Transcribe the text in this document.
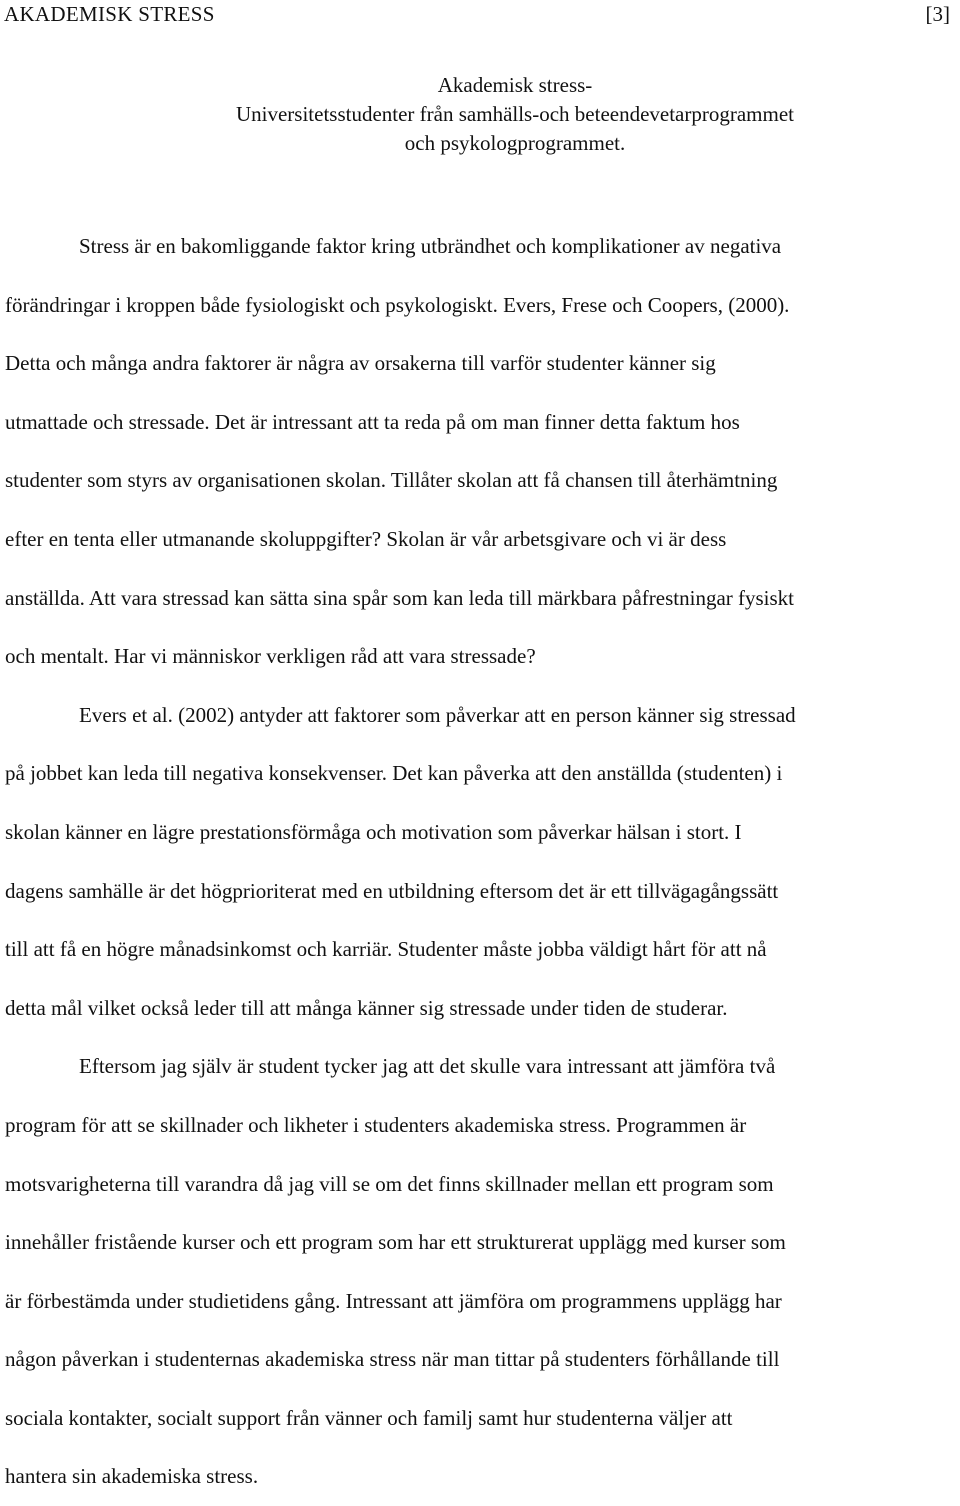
AKADEMISK STRESS	[3]
Akademisk stress-
Universitetsstudenter från samhälls-och beteendevetarprogrammet
och psykologprogrammet.
Stress är en bakomliggande faktor kring utbrändhet och komplikationer av negativa
förändringar i kroppen både fysiologiskt och psykologiskt. Evers, Frese och Coopers, (2000).
Detta och många andra faktorer är några av orsakerna till varför studenter känner sig
utmattade och stressade. Det är intressant att ta reda på om man finner detta faktum hos
studenter som styrs av organisationen skolan. Tillåter skolan att få chansen till återhämtning
efter en tenta eller utmanande skoluppgifter? Skolan är vår arbetsgivare och vi är dess
anställda. Att vara stressad kan sätta sina spår som kan leda till märkbara påfrestningar fysiskt
och mentalt. Har vi människor verkligen råd att vara stressade?
Evers et al. (2002) antyder att faktorer som påverkar att en person känner sig stressad
på jobbet kan leda till negativa konsekvenser. Det kan påverka att den anställda (studenten) i
skolan känner en lägre prestationsförmåga och motivation som påverkar hälsan i stort. I
dagens samhälle är det högprioriterat med en utbildning eftersom det är ett tillvägagångssätt
till att få en högre månadsinkomst och karriär. Studenter måste jobba väldigt hårt för att nå
detta mål vilket också leder till att många känner sig stressade under tiden de studerar.
Eftersom jag själv är student tycker jag att det skulle vara intressant att jämföra två
program för att se skillnader och likheter i studenters akademiska stress. Programmen är
motsvarigheterna till varandra då jag vill se om det finns skillnader mellan ett program som
innehåller fristående kurser och ett program som har ett strukturerat upplägg med kurser som
är förbestämda under studietidens gång. Intressant att jämföra om programmens upplägg har
någon påverkan i studenternas akademiska stress när man tittar på studenters förhållande till
sociala kontakter, socialt support från vänner och familj samt hur studenterna väljer att
hantera sin akademiska stress.
